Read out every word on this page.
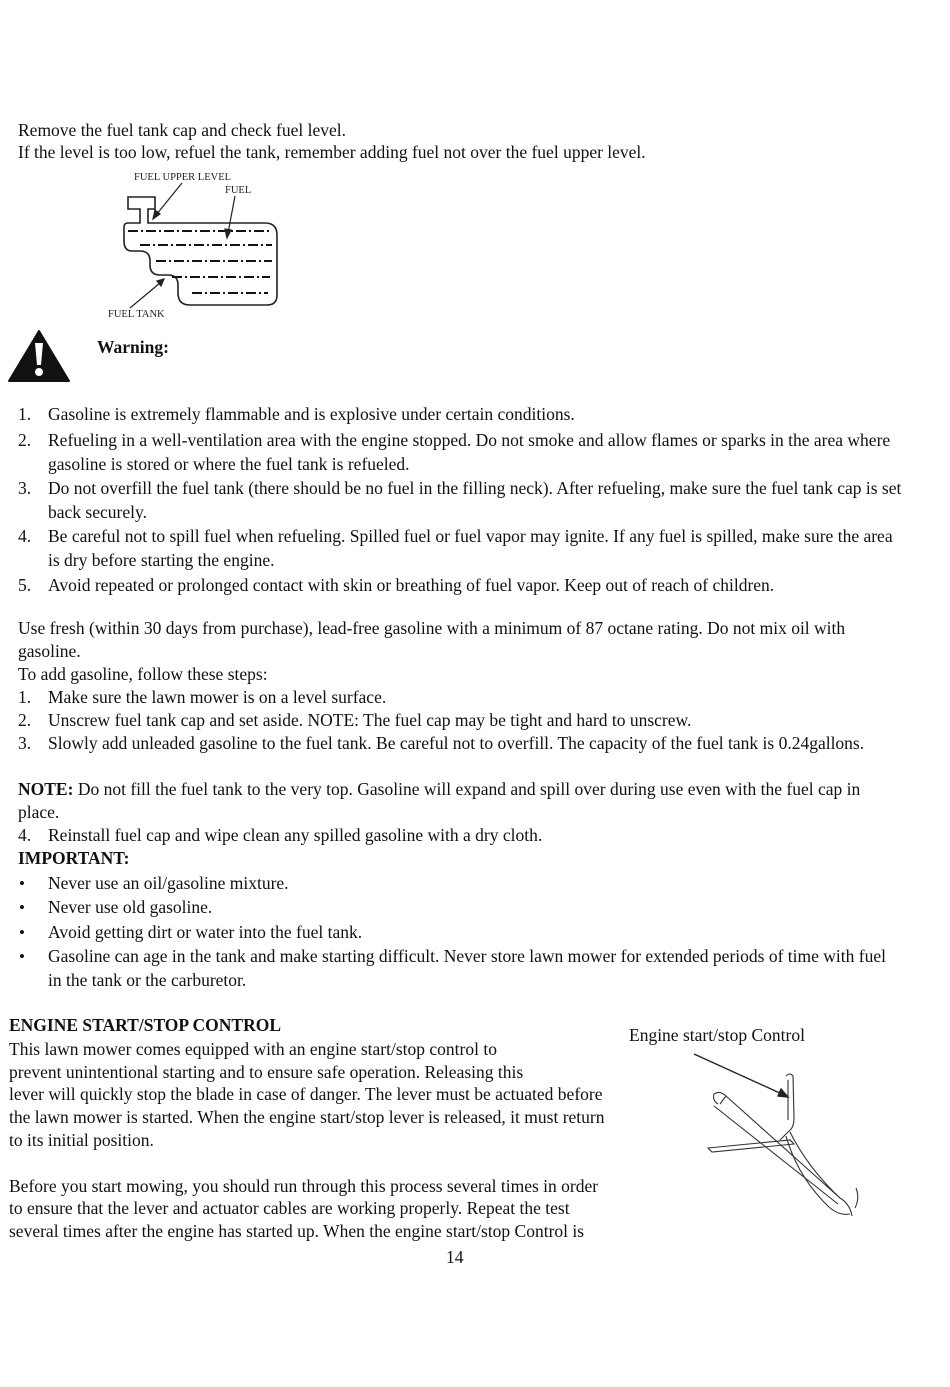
Remove the fuel tank cap and check fuel level.
If the level is too low, refuel the tank, remember adding fuel not over the fuel upper level.
FUEL UPPER LEVEL
FUEL
FUEL TANK
Warning:
1. Gasoline is extremely flammable and is explosive under certain conditions.
2. Refueling in a well-ventilation area with the engine stopped. Do not smoke and allow flames or sparks in the area where gasoline is stored or where the fuel tank is refueled.
3. Do not overfill the fuel tank (there should be no fuel in the filling neck). After refueling, make sure the fuel tank cap is set back securely.
4. Be careful not to spill fuel when refueling. Spilled fuel or fuel vapor may ignite. If any fuel is spilled, make sure the area is dry before starting the engine.
5. Avoid repeated or prolonged contact with skin or breathing of fuel vapor. Keep out of reach of children.
Use fresh (within 30 days from purchase), lead-free gasoline with a minimum of 87 octane rating. Do not mix oil with gasoline.
To add gasoline, follow these steps:
1. Make sure the lawn mower is on a level surface.
2. Unscrew fuel tank cap and set aside. NOTE: The fuel cap may be tight and hard to unscrew.
3. Slowly add unleaded gasoline to the fuel tank. Be careful not to overfill. The capacity of the fuel tank is 0.24gallons.
NOTE: Do not fill the fuel tank to the very top. Gasoline will expand and spill over during use even with the fuel cap in place.
4. Reinstall fuel cap and wipe clean any spilled gasoline with a dry cloth.
IMPORTANT:
• Never use an oil/gasoline mixture.
• Never use old gasoline.
• Avoid getting dirt or water into the fuel tank.
• Gasoline can age in the tank and make starting difficult. Never store lawn mower for extended periods of time with fuel in the tank or the carburetor.
ENGINE START/STOP CONTROL	Engine start/stop Control
This lawn mower comes equipped with an engine start/stop control to
prevent unintentional starting and to ensure safe operation. Releasing this
lever will quickly stop the blade in case of danger. The lever must be actuated before
the lawn mower is started. When the engine start/stop lever is released, it must return
to its initial position.
Before you start mowing, you should run through this process several times in order
to ensure that the lever and actuator cables are working properly. Repeat the test
several times after the engine has started up. When the engine start/stop Control is
14
